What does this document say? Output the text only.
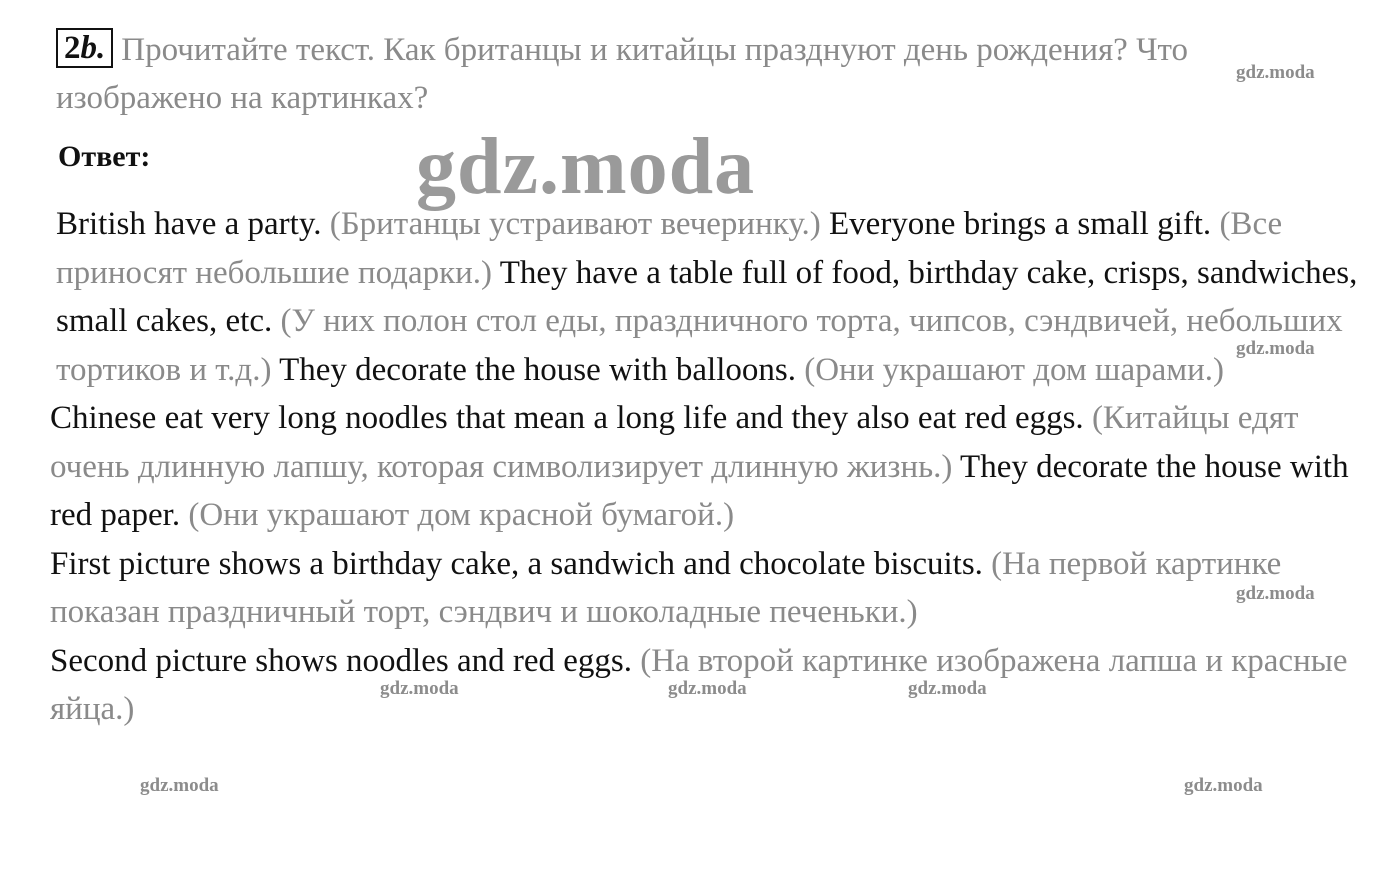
2b. Прочитайте текст. Как британцы и китайцы празднуют день рождения? Что изображено на картинках?
Ответ:	gdz.moda
gdz.moda
gdz.moda
gdz.moda
gdz.moda	gdz.moda	gdz.moda
gdz.moda	gdz.moda

British have a party. (Британцы устраивают вечеринку.) Everyone brings a small gift. (Все приносят небольшие подарки.) They have a table full of food, birthday cake, crisps, sandwiches, small cakes, etc. (У них полон стол еды, праздничного торта, чипсов, сэндвичей, небольших тортиков и т.д.) They decorate the house with balloons. (Они украшают дом шарами.)

Chinese eat very long noodles that mean a long life and they also eat red eggs. (Китайцы едят очень длинную лапшу, которая символизирует длинную жизнь.) They decorate the house with red paper. (Они украшают дом красной бумагой.)

First picture shows a birthday cake, a sandwich and chocolate biscuits. (На первой картинке показан праздничный торт, сэндвич и шоколадные печеньки.)

Second picture shows noodles and red eggs. (На второй картинке изображена лапша и красные яйца.)
